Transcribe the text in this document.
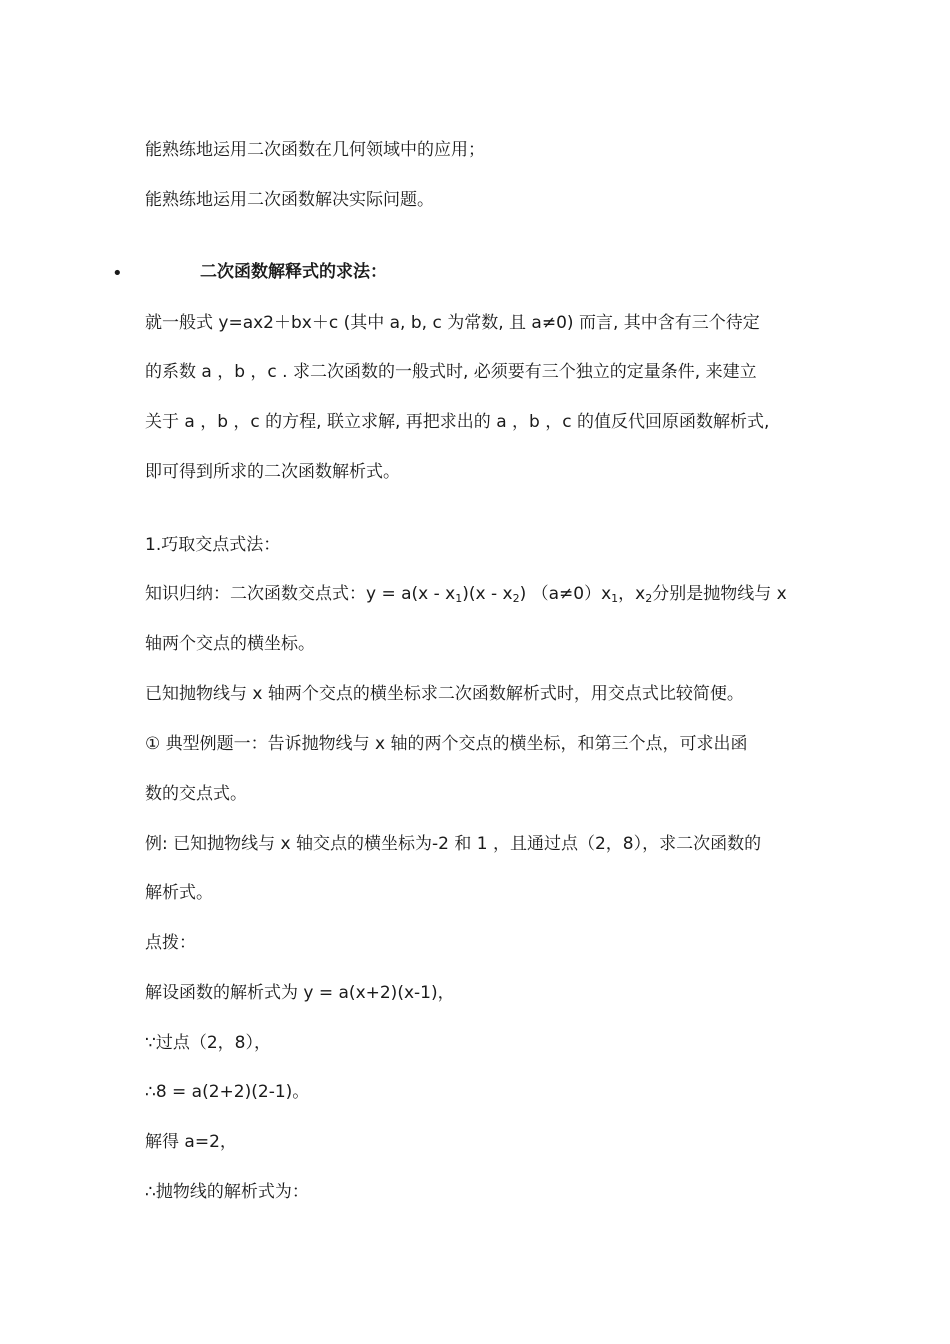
能熟练地运用二次函数在几何领域中的应用；
能熟练地运用二次函数解决实际问题。
•	二次函数解释式的求法：
就一般式 y=ax2＋bx＋c (其中 a, b, c 为常数, 且 a≠0) 而言, 其中含有三个待定
的系数 a ，b ，c . 求二次函数的一般式时, 必须要有三个独立的定量条件, 来建立
关于 a ，b ，c 的方程, 联立求解, 再把求出的 a ，b ，c 的值反代回原函数解析式,
即可得到所求的二次函数解析式。
1.巧取交点式法：
知识归纳：二次函数交点式：$y = a(x - x_1)(x - x_2)$ $(a\ne 0)x_1$，$x_2$分别是抛物线与 x
轴两个交点的横坐标。
已知抛物线与 x 轴两个交点的横坐标求二次函数解析式时，用交点式比较简便。
① 典型例题一：告诉抛物线与 x 轴的两个交点的横坐标，和第三个点，可求出函
数的交点式。
例: 已知抛物线与 x 轴交点的横坐标为-2 和 1 ，且通过点（2，8），求二次函数的
解析式。
点拨：
解设函数的解析式为 y = a(x+2)(x-1)，
∵过点（2，8），
∴8 = a(2+2)(2-1)。
解得 a=2，
∴抛物线的解析式为：
